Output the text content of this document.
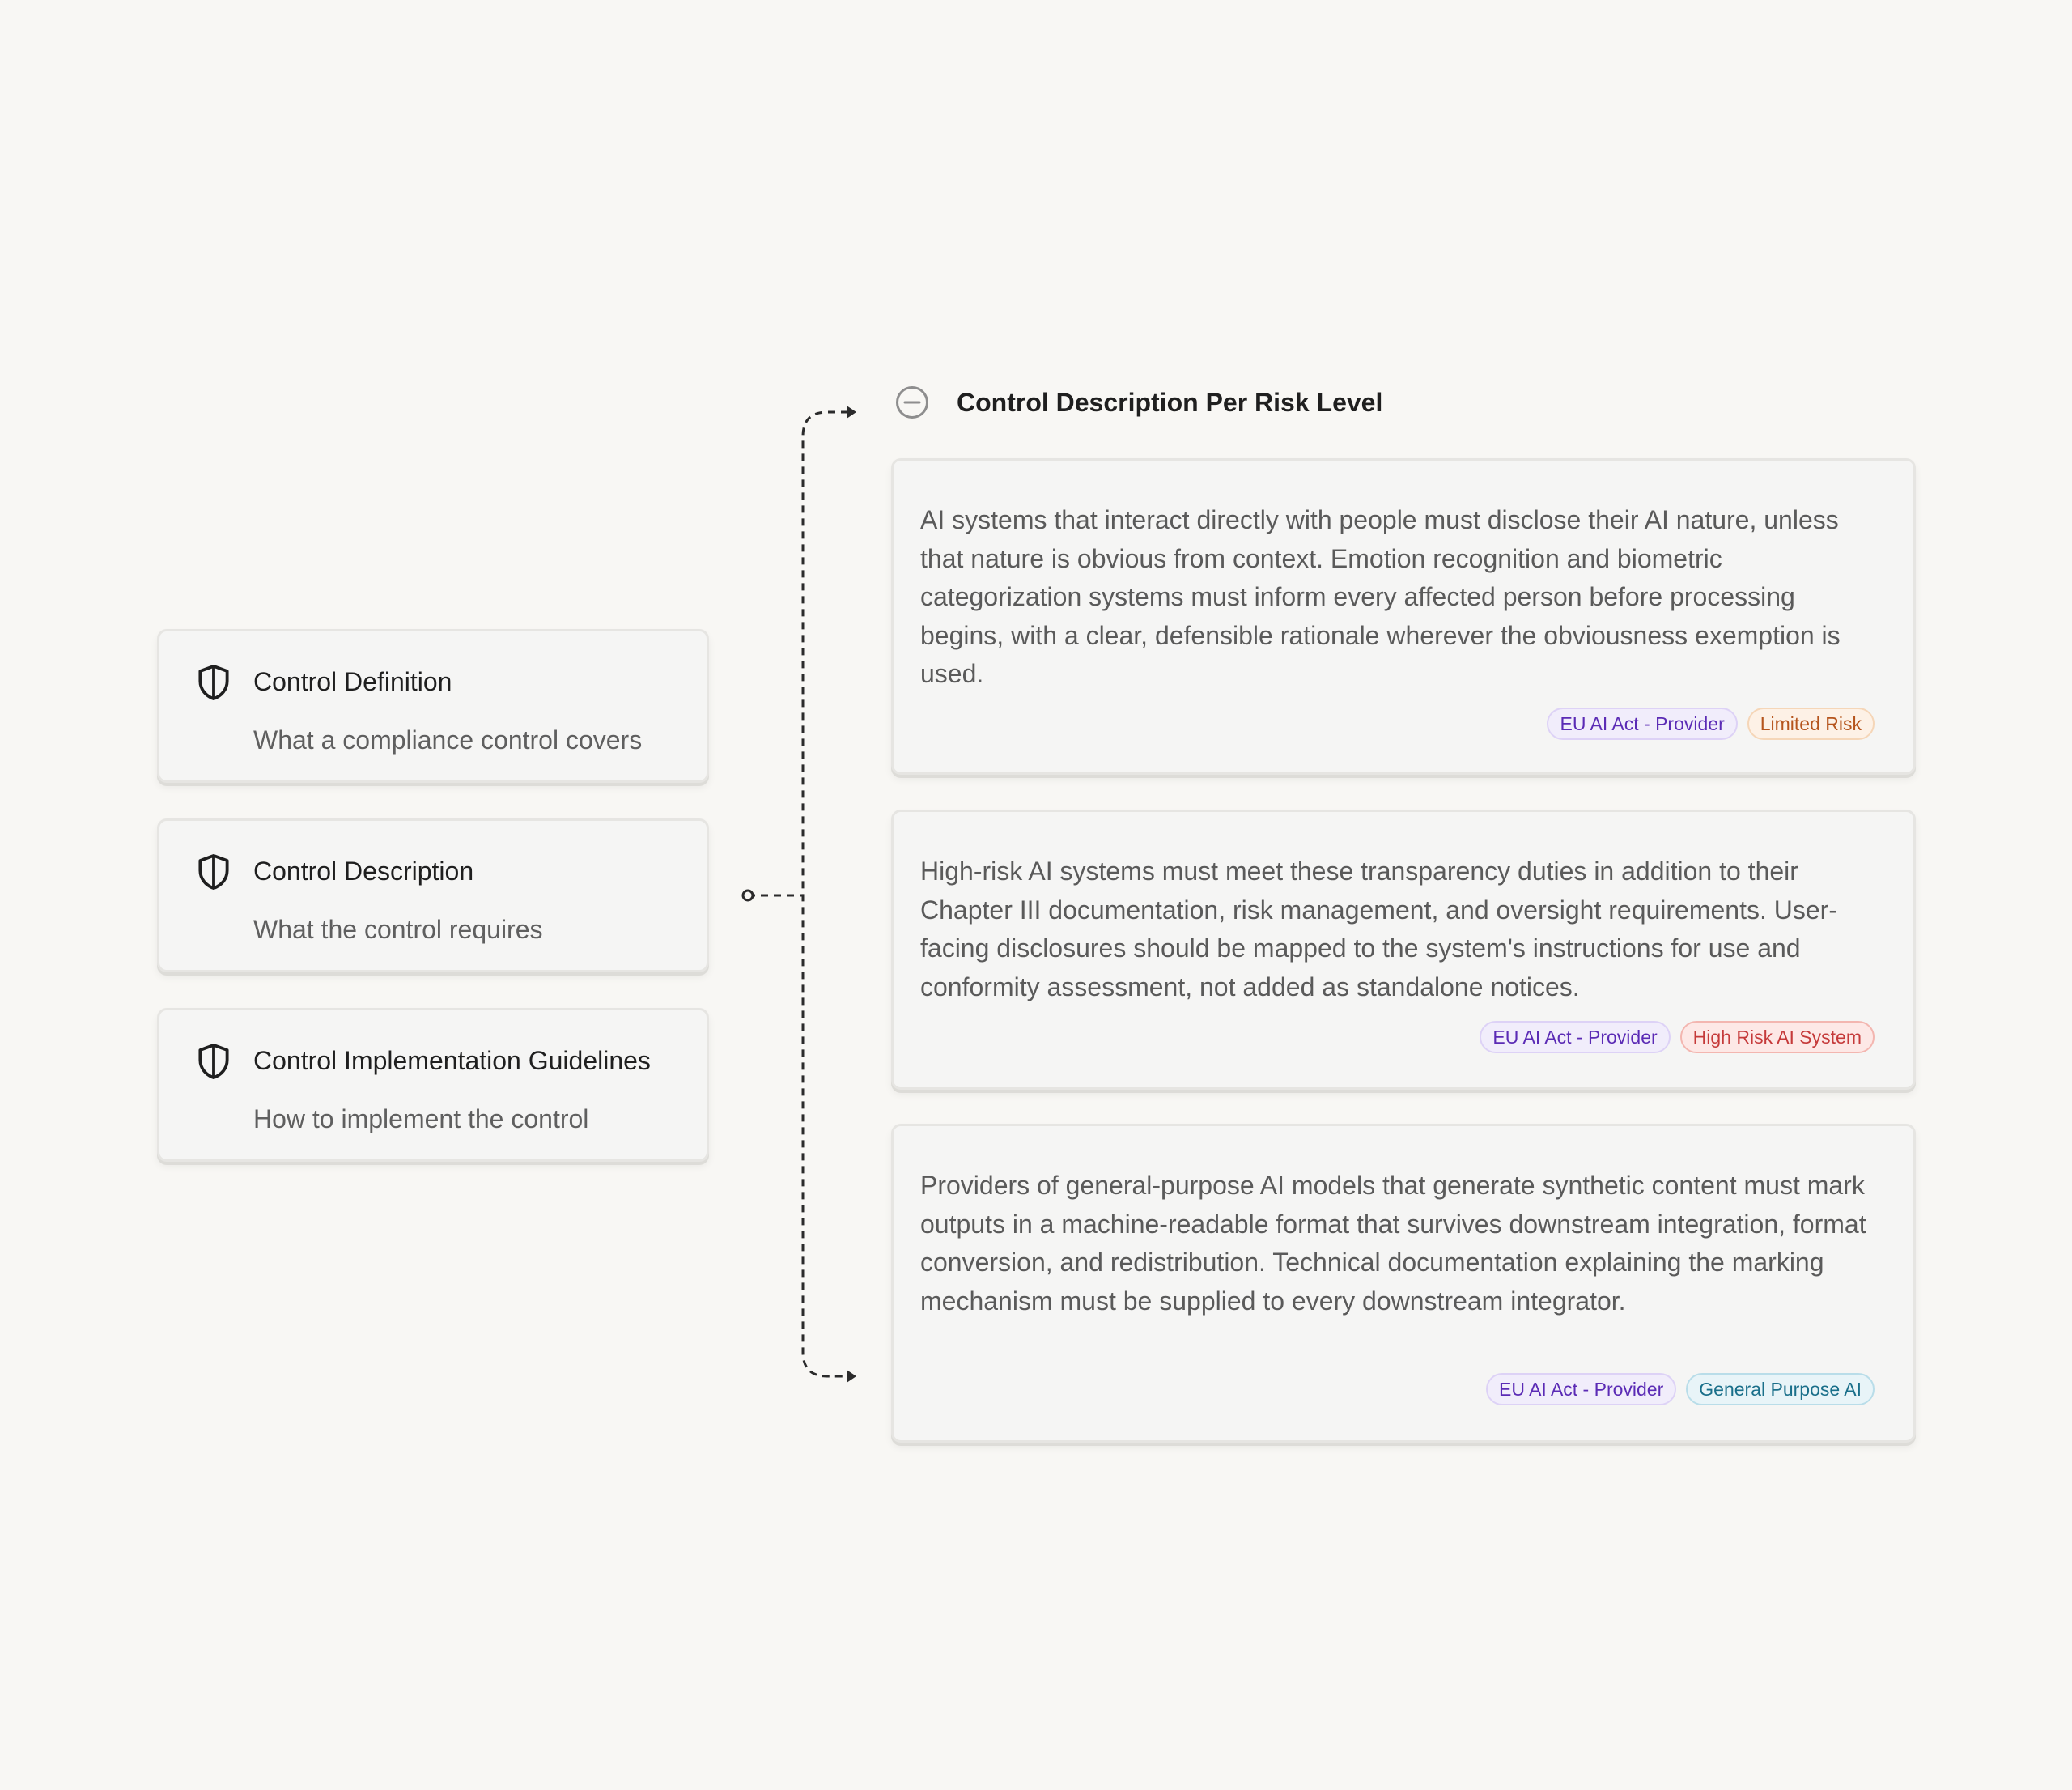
Control Definition
What a compliance control covers
Control Description
What the control requires
Control Implementation Guidelines
How to implement the control
Control Description Per Risk Level
AI systems that interact directly with people must disclose their AI nature, unless that nature is obvious from context. Emotion recognition and biometric categorization systems must inform every affected person before processing begins, with a clear, defensible rationale wherever the obviousness exemption is used.
EU AI Act - Provider	Limited Risk
High-risk AI systems must meet these transparency duties in addition to their Chapter III documentation, risk management, and oversight requirements. User-facing disclosures should be mapped to the system's instructions for use and conformity assessment, not added as standalone notices.
EU AI Act - Provider	High Risk AI System
Providers of general-purpose AI models that generate synthetic content must mark outputs in a machine-readable format that survives downstream integration, format conversion, and redistribution. Technical documentation explaining the marking mechanism must be supplied to every downstream integrator.
EU AI Act - Provider	General Purpose AI
